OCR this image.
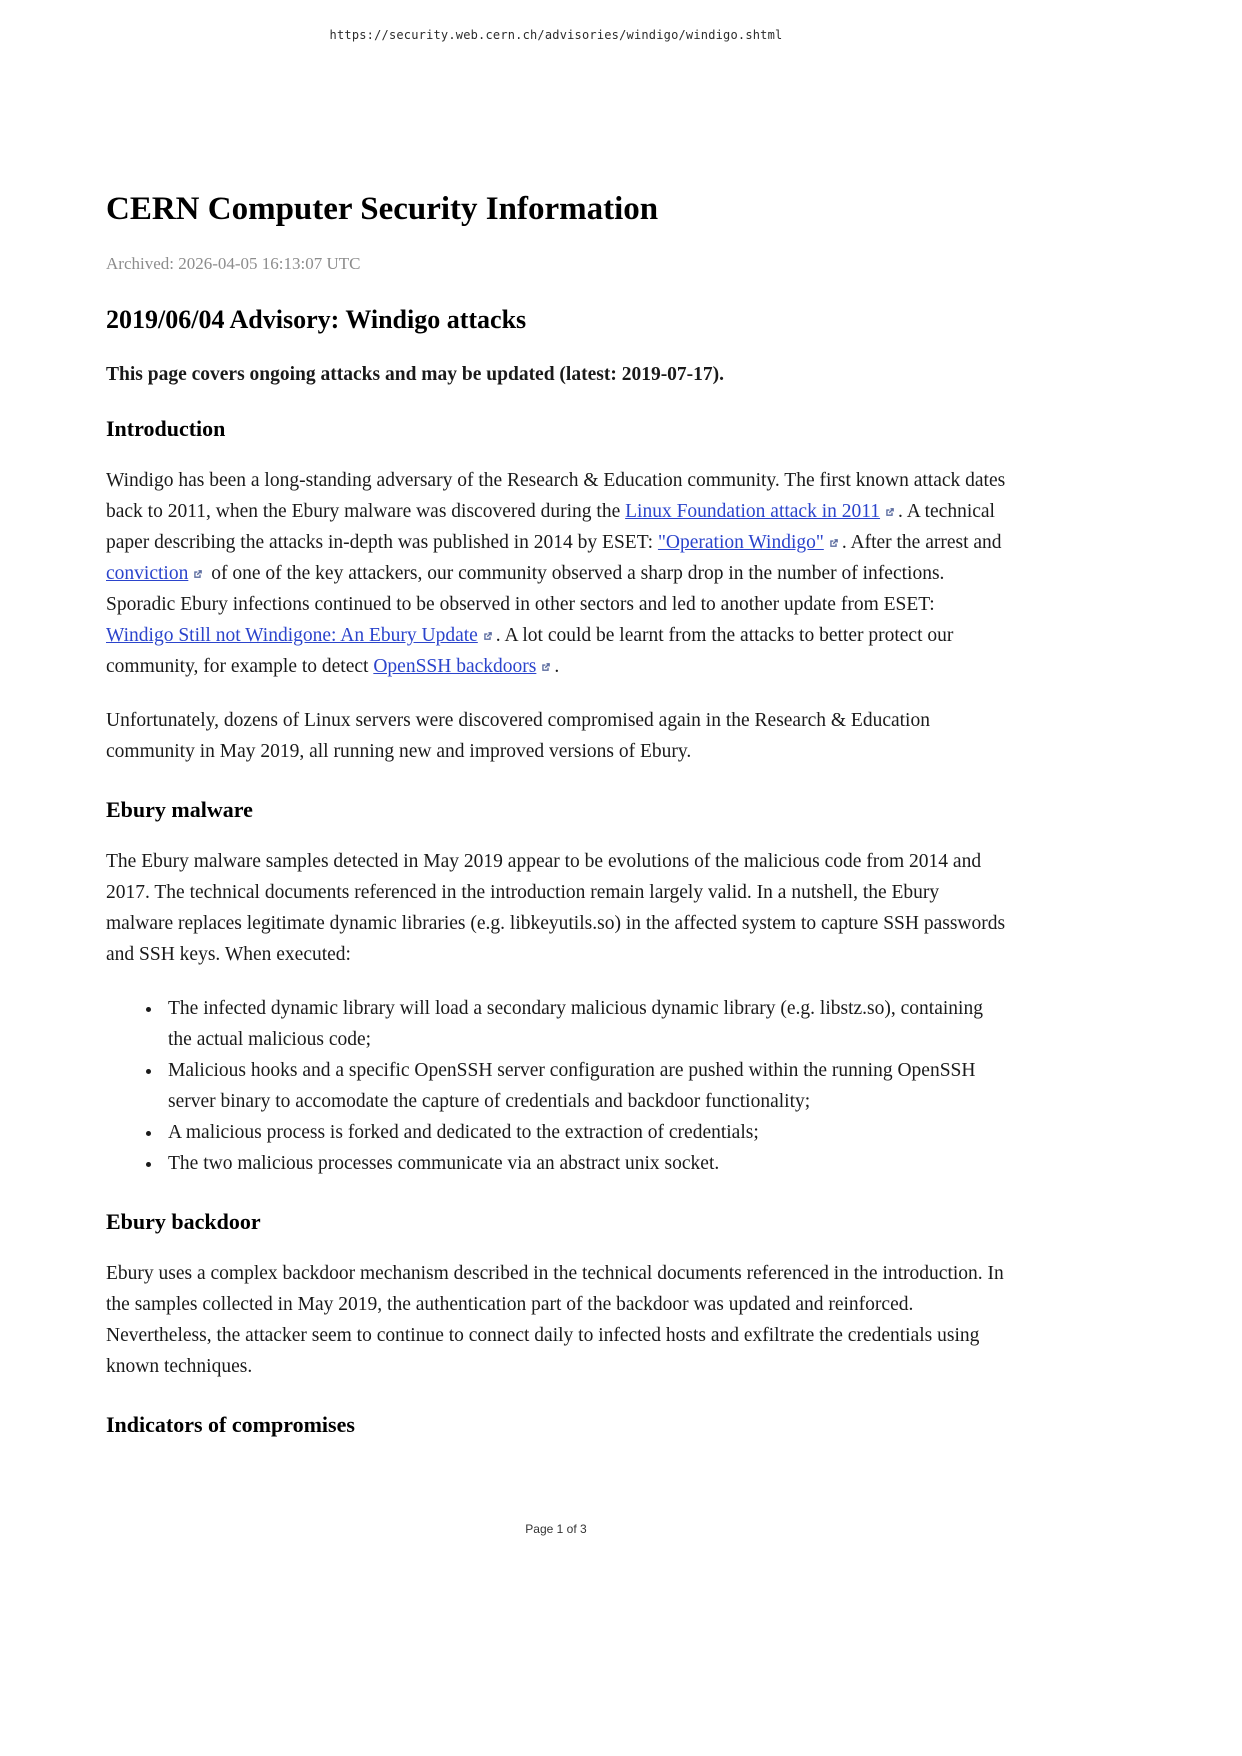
https://security.web.cern.ch/advisories/windigo/windigo.shtml
CERN Computer Security Information
Archived: 2026-04-05 16:13:07 UTC
2019/06/04 Advisory: Windigo attacks

This page covers ongoing attacks and may be updated (latest: 2019-07-17).

Introduction

Windigo has been a long-standing adversary of the Research & Education community. The first known attack dates back to 2011, when the Ebury malware was discovered during the Linux Foundation attack in 2011 . A technical paper describing the attacks in-depth was published in 2014 by ESET: "Operation Windigo" . After the arrest and conviction of one of the key attackers, our community observed a sharp drop in the number of infections. Sporadic Ebury infections continued to be observed in other sectors and led to another update from ESET: Windigo Still not Windigone: An Ebury Update . A lot could be learnt from the attacks to better protect our community, for example to detect OpenSSH backdoors .

Unfortunately, dozens of Linux servers were discovered compromised again in the Research & Education community in May 2019, all running new and improved versions of Ebury.

Ebury malware

The Ebury malware samples detected in May 2019 appear to be evolutions of the malicious code from 2014 and 2017. The technical documents referenced in the introduction remain largely valid. In a nutshell, the Ebury malware replaces legitimate dynamic libraries (e.g. libkeyutils.so) in the affected system to capture SSH passwords and SSH keys. When executed:

• The infected dynamic library will load a secondary malicious dynamic library (e.g. libstz.so), containing the actual malicious code;
• Malicious hooks and a specific OpenSSH server configuration are pushed within the running OpenSSH server binary to accomodate the capture of credentials and backdoor functionality;
• A malicious process is forked and dedicated to the extraction of credentials;
• The two malicious processes communicate via an abstract unix socket.
Ebury backdoor

Ebury uses a complex backdoor mechanism described in the technical documents referenced in the introduction. In the samples collected in May 2019, the authentication part of the backdoor was updated and reinforced. Nevertheless, the attacker seem to continue to connect daily to infected hosts and exfiltrate the credentials using known techniques.

Indicators of compromises
Page 1 of 3
